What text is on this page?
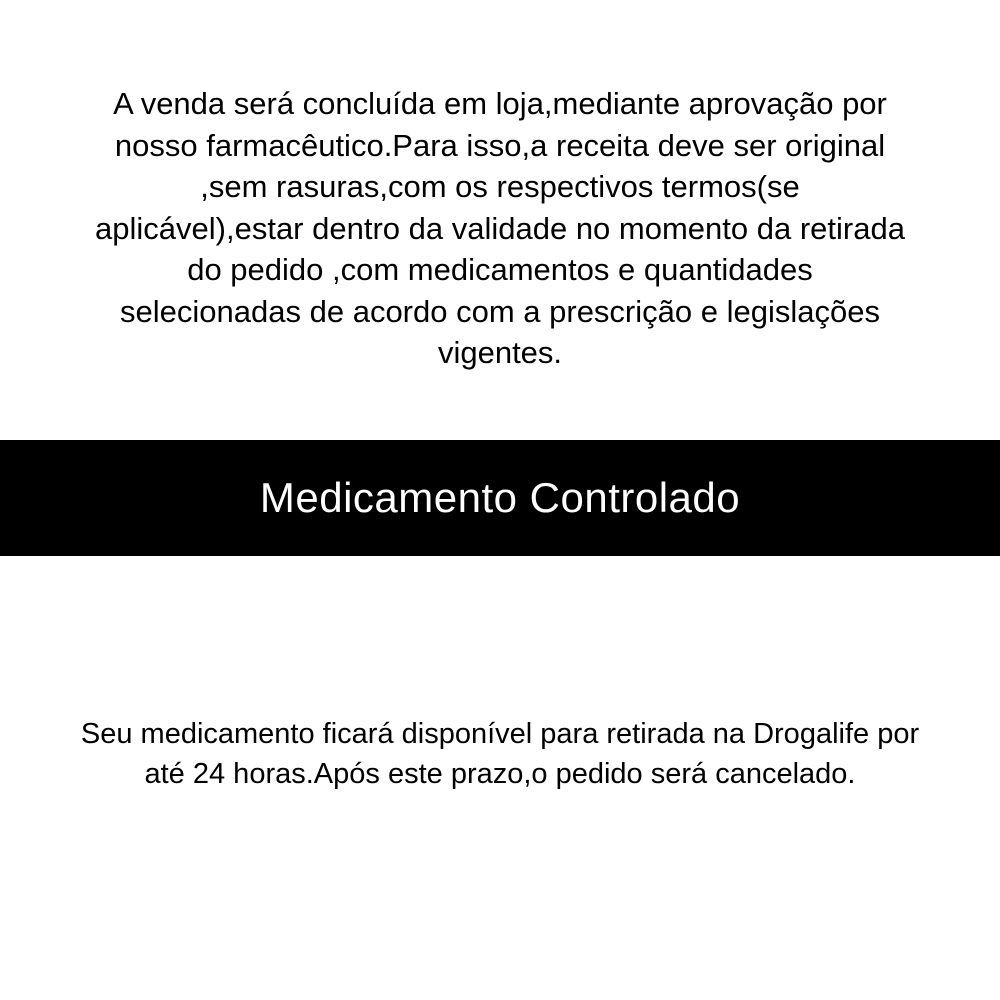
A venda será concluída em loja,mediante aprovação por nosso farmacêutico.Para isso,a receita deve ser original ,sem rasuras,com os respectivos termos(se aplicável),estar dentro da validade no momento da retirada do pedido ,com medicamentos e quantidades selecionadas de acordo com a prescrição e legislações vigentes.

Medicamento Controlado

Seu medicamento ficará disponível para retirada na Drogalife por até 24 horas.Após este prazo,o pedido será cancelado.
